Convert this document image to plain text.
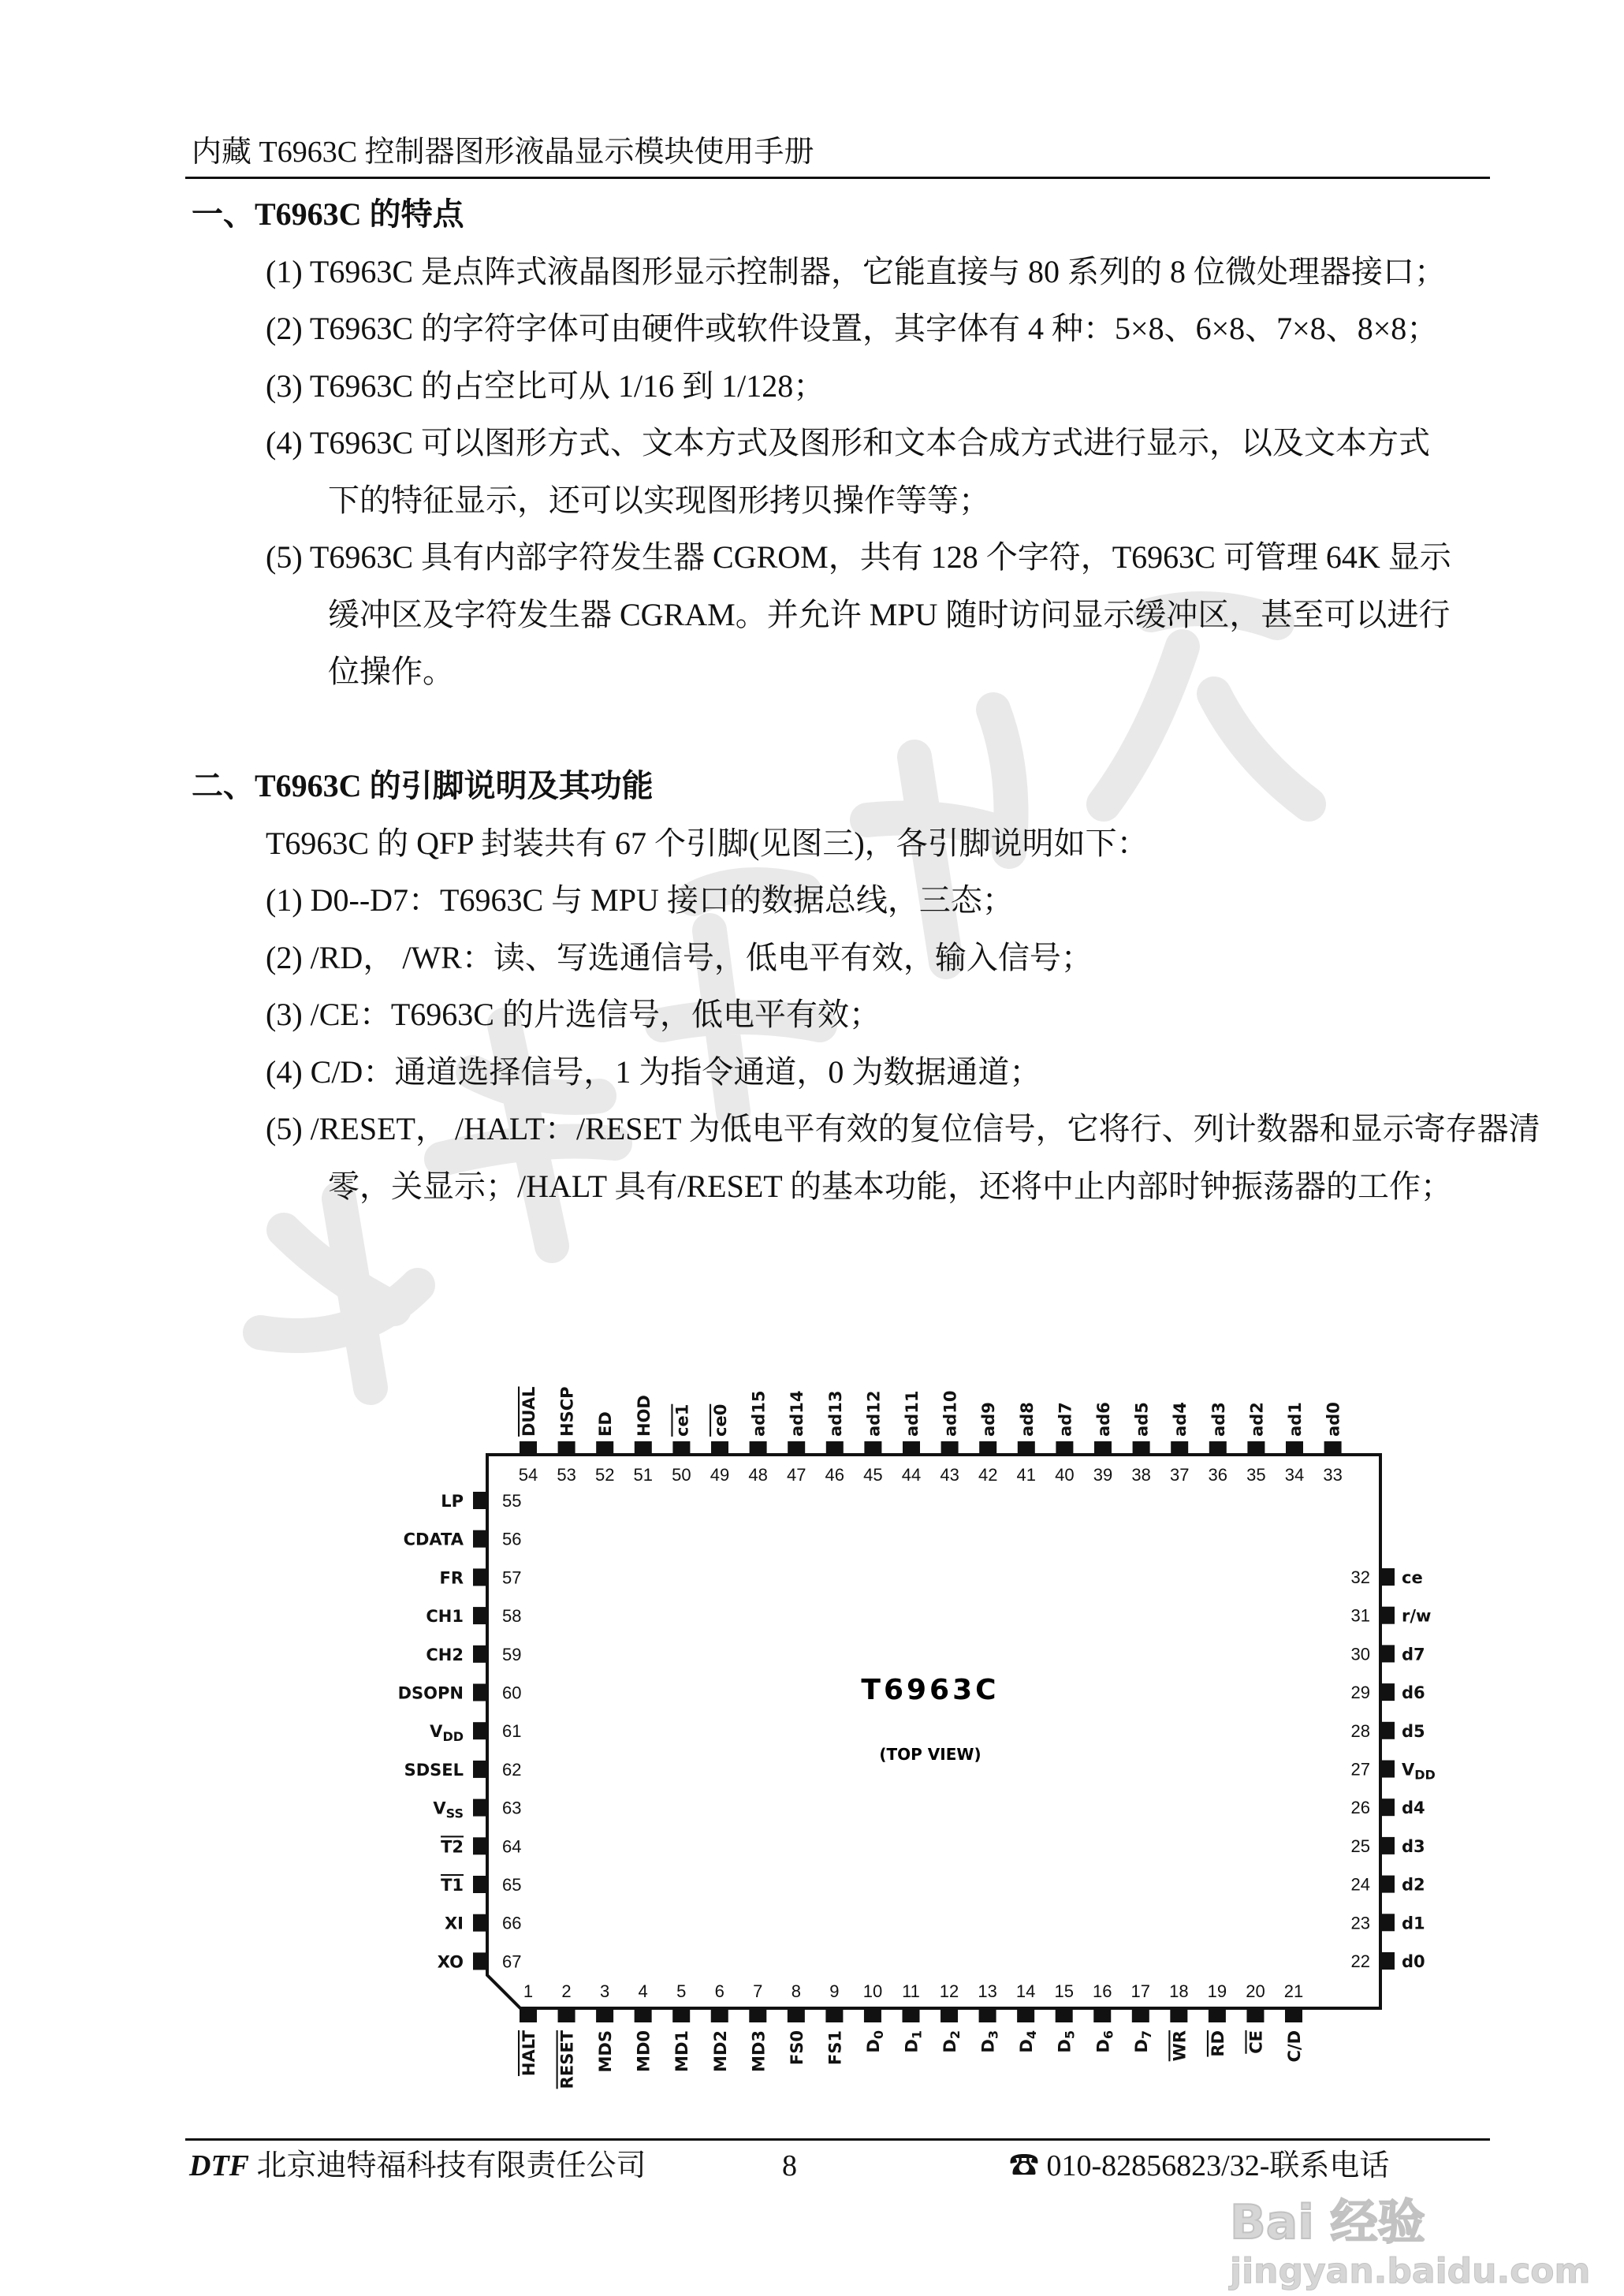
内藏 T6963C 控制器图形液晶显示模块使用手册
一、T6963C 的特点
(1) T6963C 是点阵式液晶图形显示控制器，它能直接与 80 系列的 8 位微处理器接口；
(2) T6963C 的字符字体可由硬件或软件设置，其字体有 4 种：5×8、6×8、7×8、8×8；
(3) T6963C 的占空比可从 1/16 到 1/128；
(4) T6963C 可以图形方式、文本方式及图形和文本合成方式进行显示，以及文本方式下的特征显示，还可以实现图形拷贝操作等等；
(5) T6963C 具有内部字符发生器 CGROM，共有 128 个字符，T6963C 可管理 64K 显示缓冲区及字符发生器 CGRAM。并允许 MPU 随时访问显示缓冲区，甚至可以进行位操作。
二、T6963C 的引脚说明及其功能
T6963C 的 QFP 封装共有 67 个引脚(见图三)，各引脚说明如下：
(1) D0--D7：T6963C 与 MPU 接口的数据总线，三态；
(2) /RD， /WR：读、写选通信号，低电平有效，输入信号；
(3) /CE：T6963C 的片选信号，低电平有效；
(4) C/D：通道选择信号，1 为指令通道，0 为数据通道；
(5) /RESET， /HALT：/RESET 为低电平有效的复位信号，它将行、列计数器和显示寄存器清零，关显示；/HALT 具有/RESET 的基本功能，还将中止内部时钟振荡器的工作；
T6963C
(TOP VIEW)
54
DUAL
53
HSCP
52
ED
51
HOD
50
ce1
49
ce0
48
ad15
47
ad14
46
ad13
45
ad12
44
ad11
43
ad10
42
ad9
41
ad8
40
ad7
39
ad6
38
ad5
37
ad4
36
ad3
35
ad2
34
ad1
33
ad0
1
HALT
2
RESET
3
MDS
4
MD0
5
MD1
6
MD2
7
MD3
8
FS0
9
FS1
10
$D_0$
11
$D_1$
12
$D_2$
13
$D_3$
14
$D_4$
15
$D_5$
16
$D_6$
17
$D_7$
18
WR
19
RD
20
CE
21
C/D
55
LP
56
CDATA
57
FR
58
CH1
59
CH2
60
DSOPN
61
$V_{DD}$
62
SDSEL
63
$V_{SS}$
64
T2
65
T1
66
XI
67
XO
32 ce
31 r/w
30 d7
29 d6
28 d5
27 $V_{DD}$
26 d4
25 d3
24 d2
23 d1
22 d0
DTF 北京迪特福科技有限责任公司	8	☎ 010-82856823/32-联系电话
Bai 经验
jingyan.baidu.com
